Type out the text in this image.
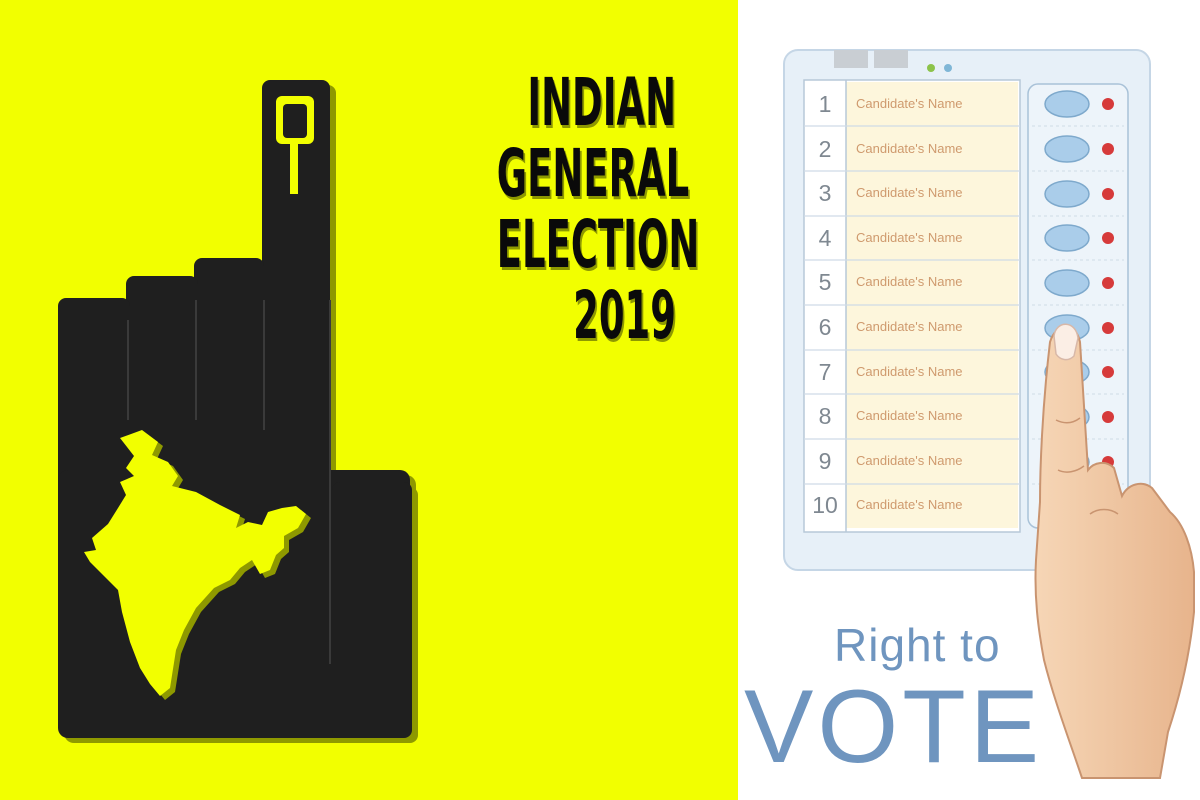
INDIAN
GENERAL
ELECTION
2019
1	Candidate's Name
2	Candidate's Name
3	Candidate's Name
4	Candidate's Name
5	Candidate's Name
6	Candidate's Name
7	Candidate's Name
8	Candidate's Name
9	Candidate's Name
10	Candidate's Name
Right to
VOTE
